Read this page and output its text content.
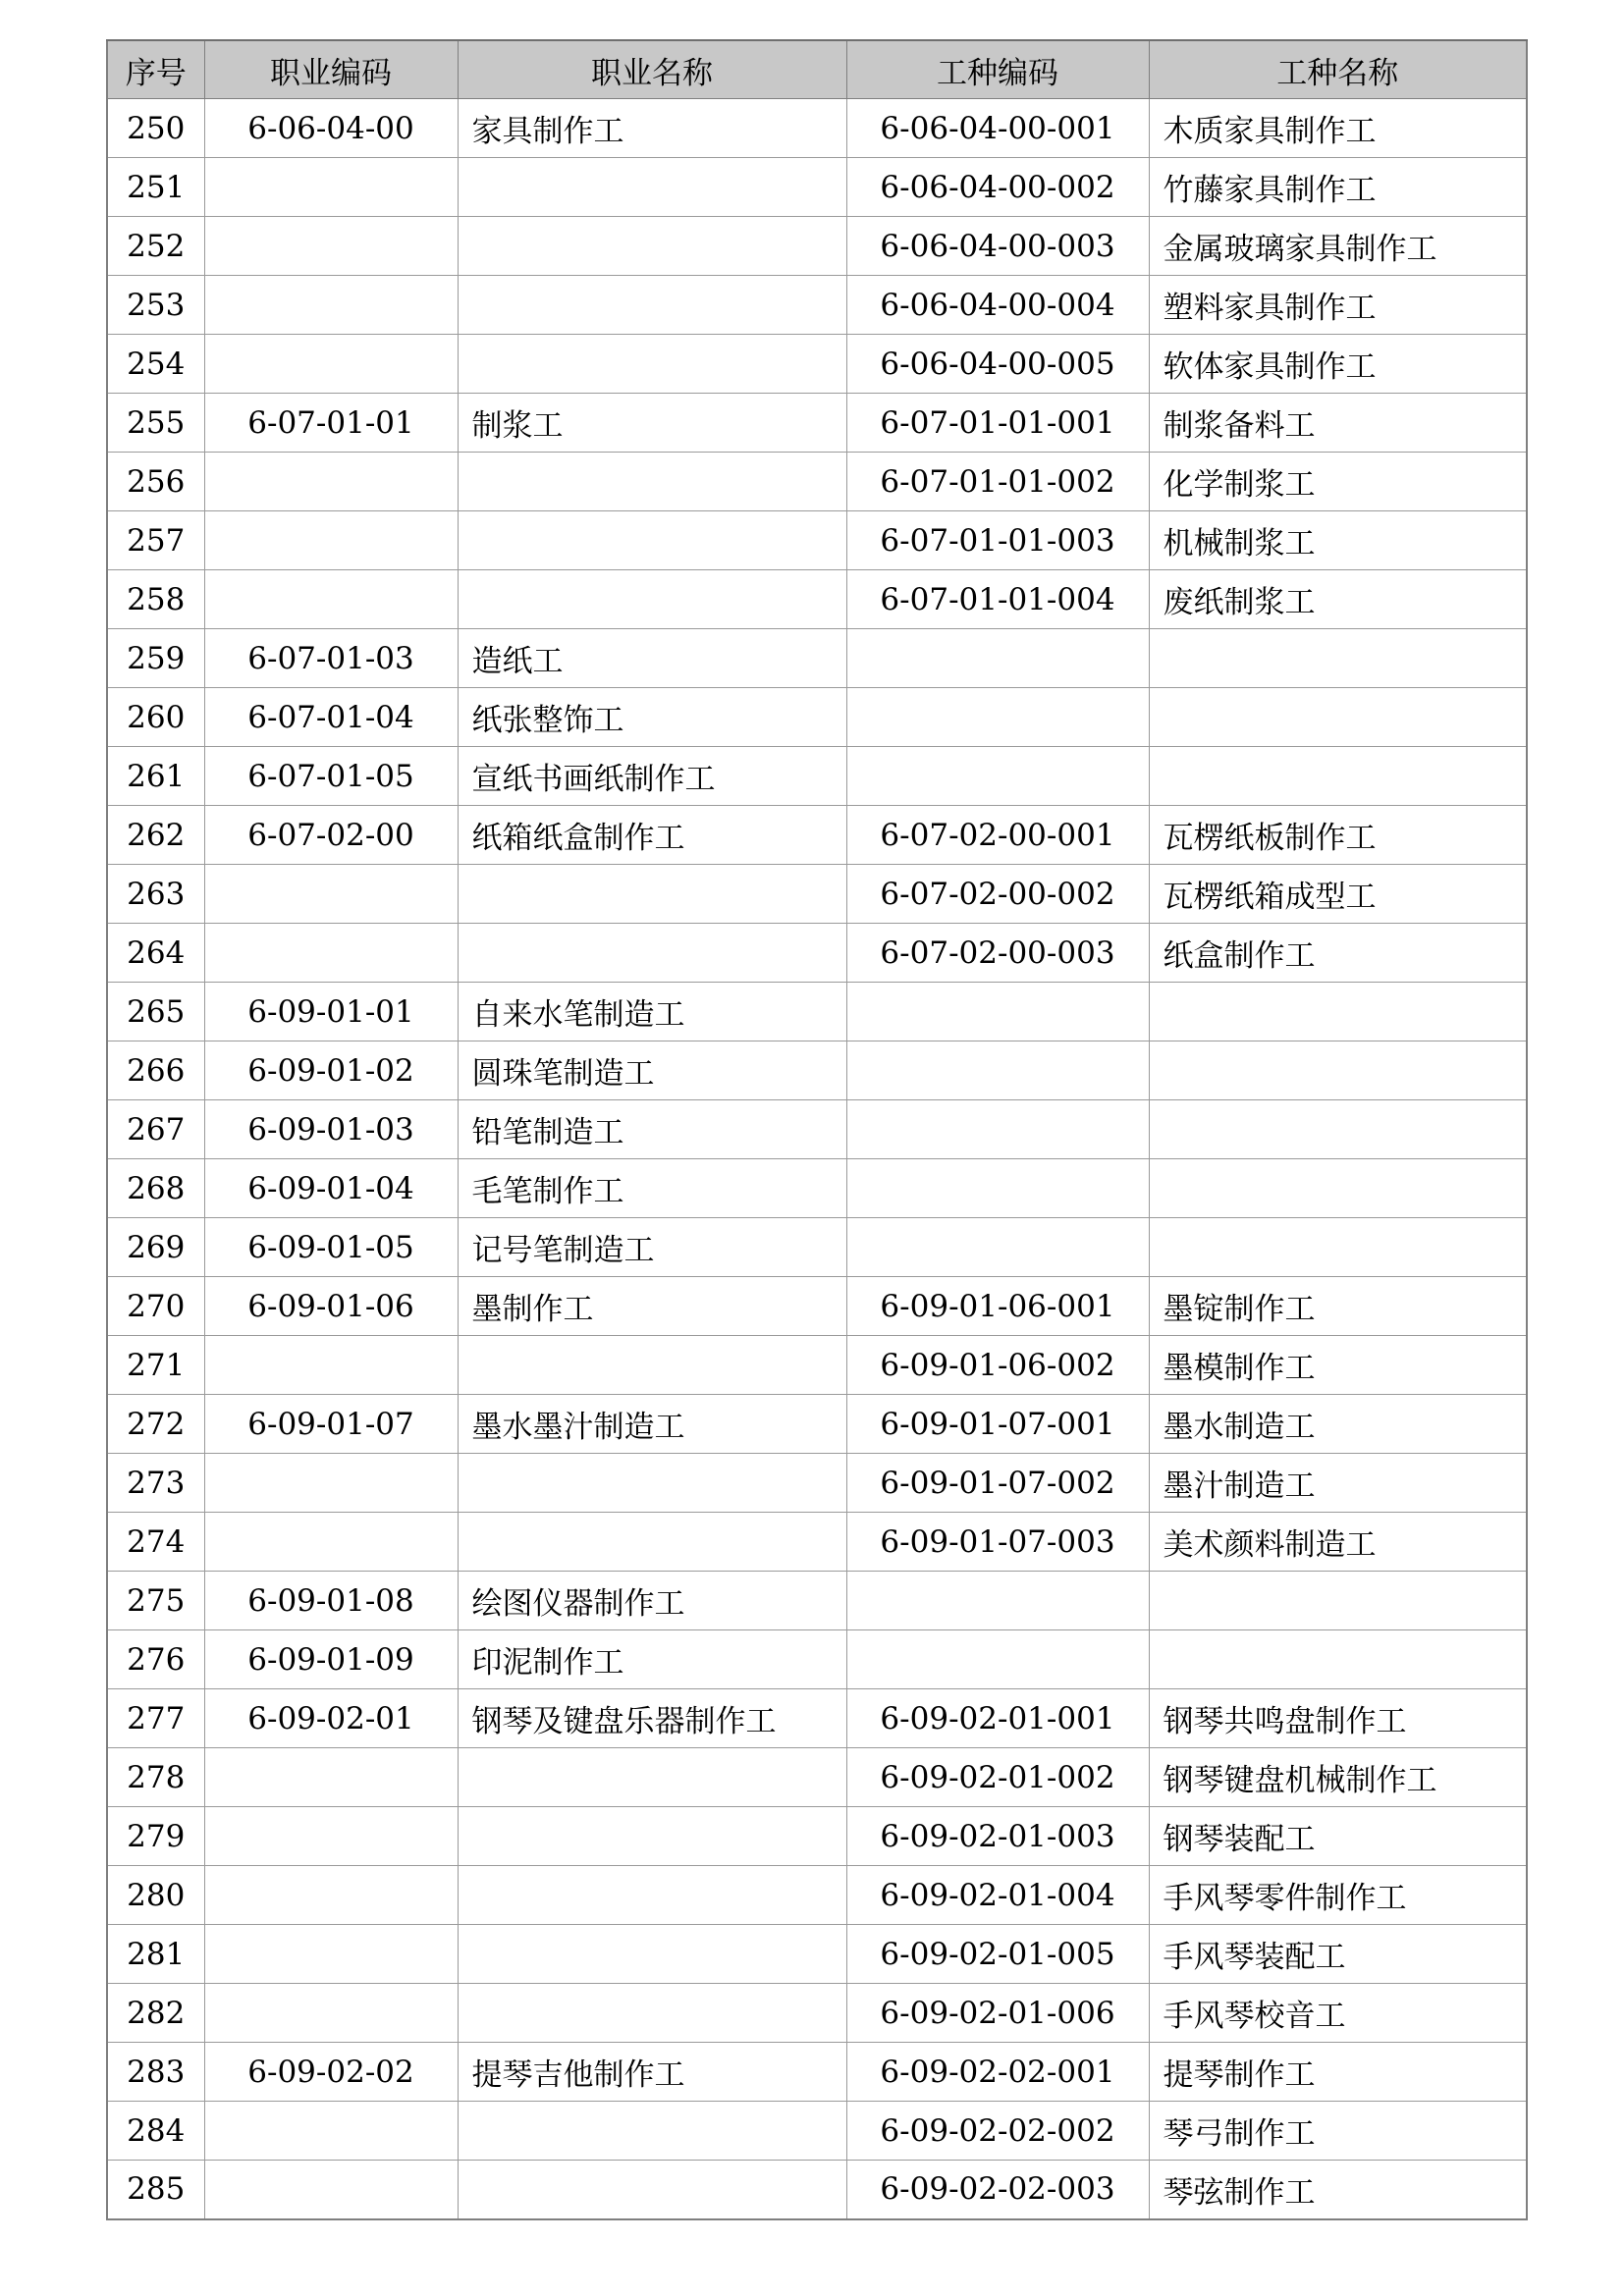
序号	职业编码	职业名称	工种编码	工种名称
250	6-06-04-00	家具制作工	6-06-04-00-001	木质家具制作工
251			6-06-04-00-002	竹藤家具制作工
252			6-06-04-00-003	金属玻璃家具制作工
253			6-06-04-00-004	塑料家具制作工
254			6-06-04-00-005	软体家具制作工
255	6-07-01-01	制浆工	6-07-01-01-001	制浆备料工
256			6-07-01-01-002	化学制浆工
257			6-07-01-01-003	机械制浆工
258			6-07-01-01-004	废纸制浆工
259	6-07-01-03	造纸工		
260	6-07-01-04	纸张整饰工		
261	6-07-01-05	宣纸书画纸制作工		
262	6-07-02-00	纸箱纸盒制作工	6-07-02-00-001	瓦楞纸板制作工
263			6-07-02-00-002	瓦楞纸箱成型工
264			6-07-02-00-003	纸盒制作工
265	6-09-01-01	自来水笔制造工		
266	6-09-01-02	圆珠笔制造工		
267	6-09-01-03	铅笔制造工		
268	6-09-01-04	毛笔制作工		
269	6-09-01-05	记号笔制造工		
270	6-09-01-06	墨制作工	6-09-01-06-001	墨锭制作工
271			6-09-01-06-002	墨模制作工
272	6-09-01-07	墨水墨汁制造工	6-09-01-07-001	墨水制造工
273			6-09-01-07-002	墨汁制造工
274			6-09-01-07-003	美术颜料制造工
275	6-09-01-08	绘图仪器制作工		
276	6-09-01-09	印泥制作工		
277	6-09-02-01	钢琴及键盘乐器制作工	6-09-02-01-001	钢琴共鸣盘制作工
278			6-09-02-01-002	钢琴键盘机械制作工
279			6-09-02-01-003	钢琴装配工
280			6-09-02-01-004	手风琴零件制作工
281			6-09-02-01-005	手风琴装配工
282			6-09-02-01-006	手风琴校音工
283	6-09-02-02	提琴吉他制作工	6-09-02-02-001	提琴制作工
284			6-09-02-02-002	琴弓制作工
285			6-09-02-02-003	琴弦制作工
